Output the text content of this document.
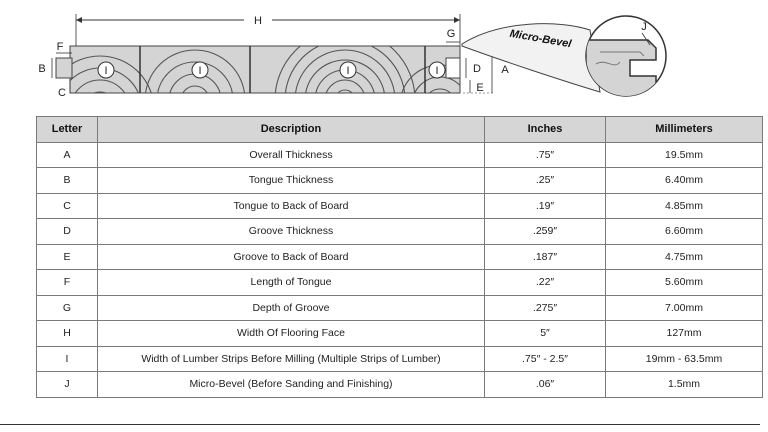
H
I	I	I	I
F
B
C
G
D
E
A
Micro-Bevel
J
Letter	Description	Inches	Millimeters
A	Overall Thickness	.75″	19.5mm
B	Tongue Thickness	.25″	6.40mm
C	Tongue to Back of Board	.19″	4.85mm
D	Groove Thickness	.259″	6.60mm
E	Groove to Back of Board	.187″	4.75mm
F	Length of Tongue	.22″	5.60mm
G	Depth of Groove	.275″	7.00mm
H	Width Of Flooring Face	5″	127mm
I	Width of Lumber Strips Before Milling (Multiple Strips of Lumber)	.75″ - 2.5″	19mm - 63.5mm
J	Micro-Bevel (Before Sanding and Finishing)	.06″	1.5mm
